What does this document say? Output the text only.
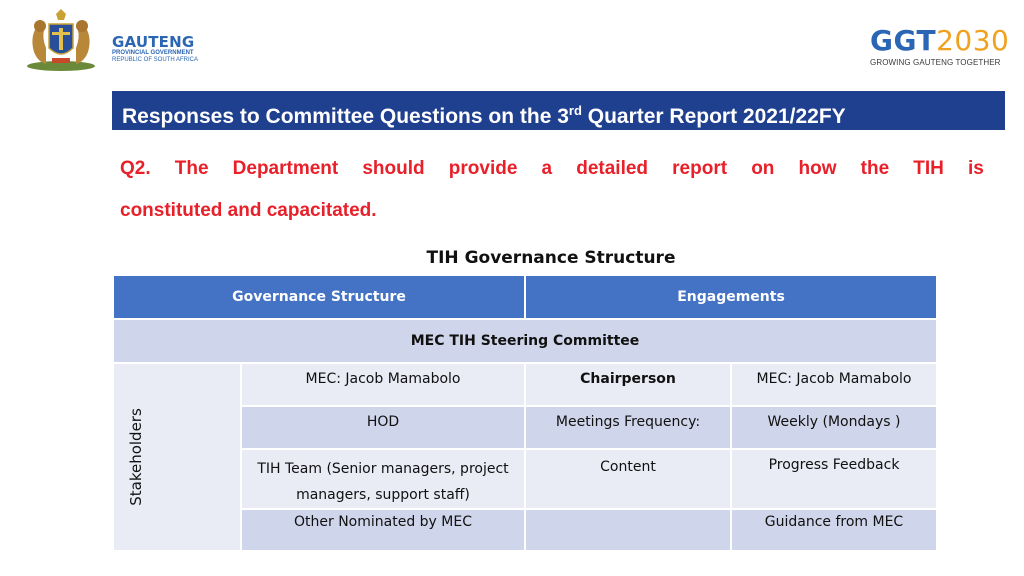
GAUTENG
PROVINCIAL GOVERNMENT
REPUBLIC OF SOUTH AFRICA
GGT2030
GROWING GAUTENG TOGETHER
Responses to Committee Questions on the 3rd Quarter Report 2021/22FY
Q2. The Department should provide a detailed report on how the TIH is
constituted and capacitated.
TIH Governance Structure
Governance Structure		Engagements	
MEC TIH Steering Committee			

Stakeholders	MEC: Jacob Mamabolo	Chairperson	MEC: Jacob Mamabolo
	HOD	Meetings Frequency:	Weekly (Mondays )
	TIH Team (Senior managers, project managers, support staff)	Content	Progress Feedback
	Other Nominated by MEC		Guidance from MEC
